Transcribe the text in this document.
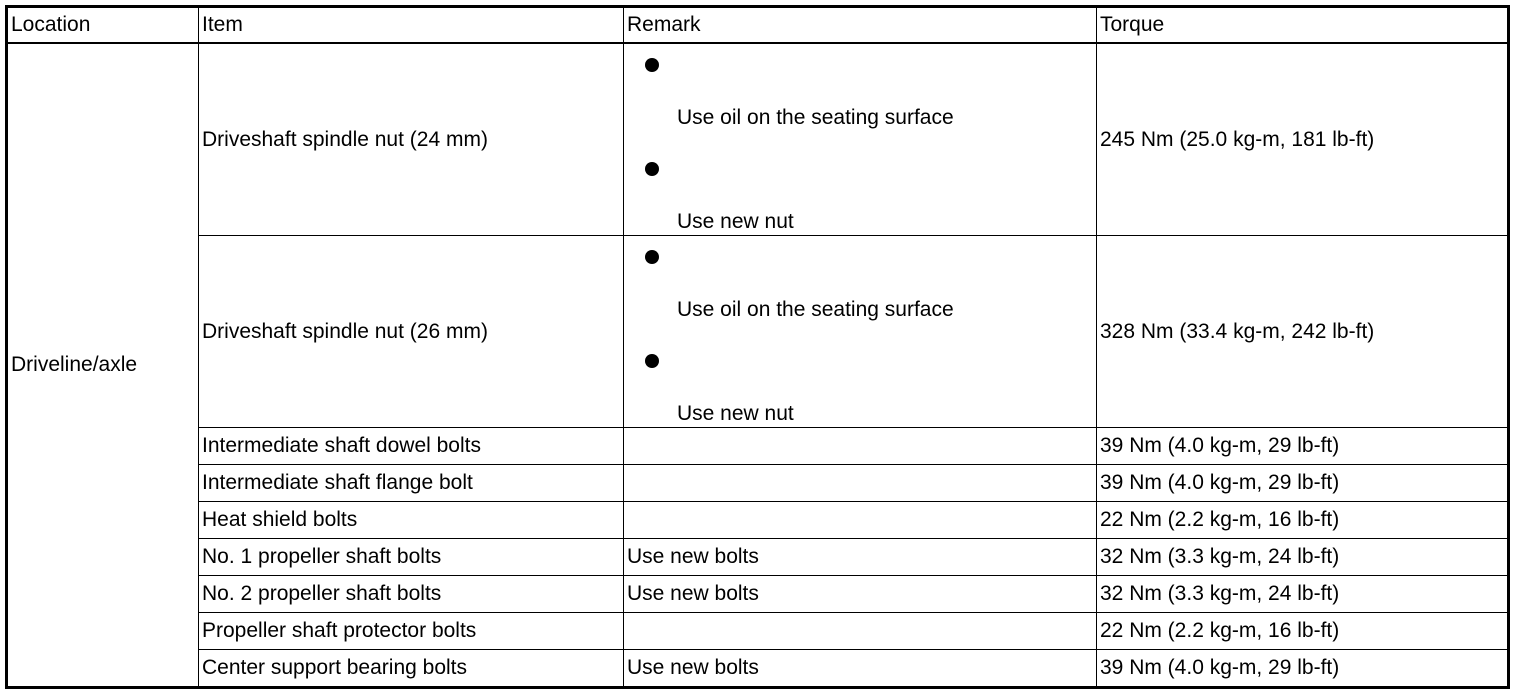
Location	Item	Remark	Torque
Driveline/axle	Driveshaft spindle nut (24 mm)	Use oil on the seating surface
Use new nut	245 Nm (25.0 kg-m, 181 lb-ft)
	Driveshaft spindle nut (26 mm)	Use oil on the seating surface
Use new nut	328 Nm (33.4 kg-m, 242 lb-ft)
	Intermediate shaft dowel bolts		39 Nm (4.0 kg-m, 29 lb-ft)
	Intermediate shaft flange bolt		39 Nm (4.0 kg-m, 29 lb-ft)
	Heat shield bolts		22 Nm (2.2 kg-m, 16 lb-ft)
	No. 1 propeller shaft bolts	Use new bolts	32 Nm (3.3 kg-m, 24 lb-ft)
	No. 2 propeller shaft bolts	Use new bolts	32 Nm (3.3 kg-m, 24 lb-ft)
	Propeller shaft protector bolts		22 Nm (2.2 kg-m, 16 lb-ft)
	Center support bearing bolts	Use new bolts	39 Nm (4.0 kg-m, 29 lb-ft)
